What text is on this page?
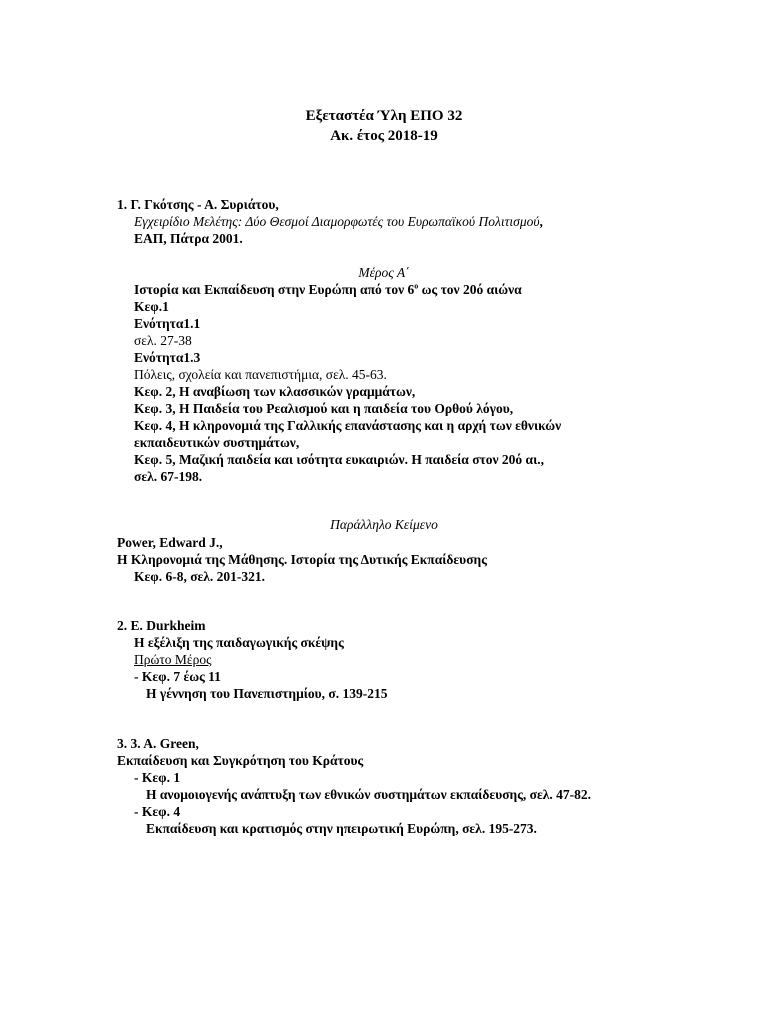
Εξεταστέα Ύλη ΕΠΟ 32
Ακ. έτος 2018-19
1. Γ. Γκότσης - Α. Συριάτου,
Εγχειρίδιο Μελέτης: Δύο Θεσμοί Διαμορφωτές του Ευρωπαϊκού Πολιτισμού,
ΕΑΠ, Πάτρα 2001.
Μέρος Α΄
Ιστορία και Εκπαίδευση στην Ευρώπη από τον $6^o$ ως τον 20ό αιώνα
Κεφ.1
Ενότητα1.1
σελ. 27-38
Ενότητα1.3
Πόλεις, σχολεία και πανεπιστήμια, σελ. 45-63.
Κεφ. 2, Η αναβίωση των κλασσικών γραμμάτων,
Κεφ. 3, Η Παιδεία του Ρεαλισμού και η παιδεία του Ορθού λόγου,
Κεφ. 4, Η κληρονομιά της Γαλλικής επανάστασης και η αρχή των εθνικών
εκπαιδευτικών συστημάτων,
Κεφ. 5, Μαζική παιδεία και ισότητα ευκαιριών. Η παιδεία στον 20ό αι.,
σελ. 67-198.
Παράλληλο Κείμενο
Power, Edward J.,
Η Κληρονομιά της Μάθησης. Ιστορία της Δυτικής Εκπαίδευσης
Κεφ. 6-8, σελ. 201-321.
2. E. Durkheim
Η εξέλιξη της παιδαγωγικής σκέψης
Πρώτο Μέρος
- Κεφ. 7 έως 11
Η γέννηση του Πανεπιστημίου, σ. 139-215
3. 3. A. Green,
Εκπαίδευση και Συγκρότηση του Κράτους
- Κεφ. 1
Η ανομοιογενής ανάπτυξη των εθνικών συστημάτων εκπαίδευσης, σελ. 47-82.
- Κεφ. 4
Εκπαίδευση και κρατισμός στην ηπειρωτική Ευρώπη, σελ. 195-273.
